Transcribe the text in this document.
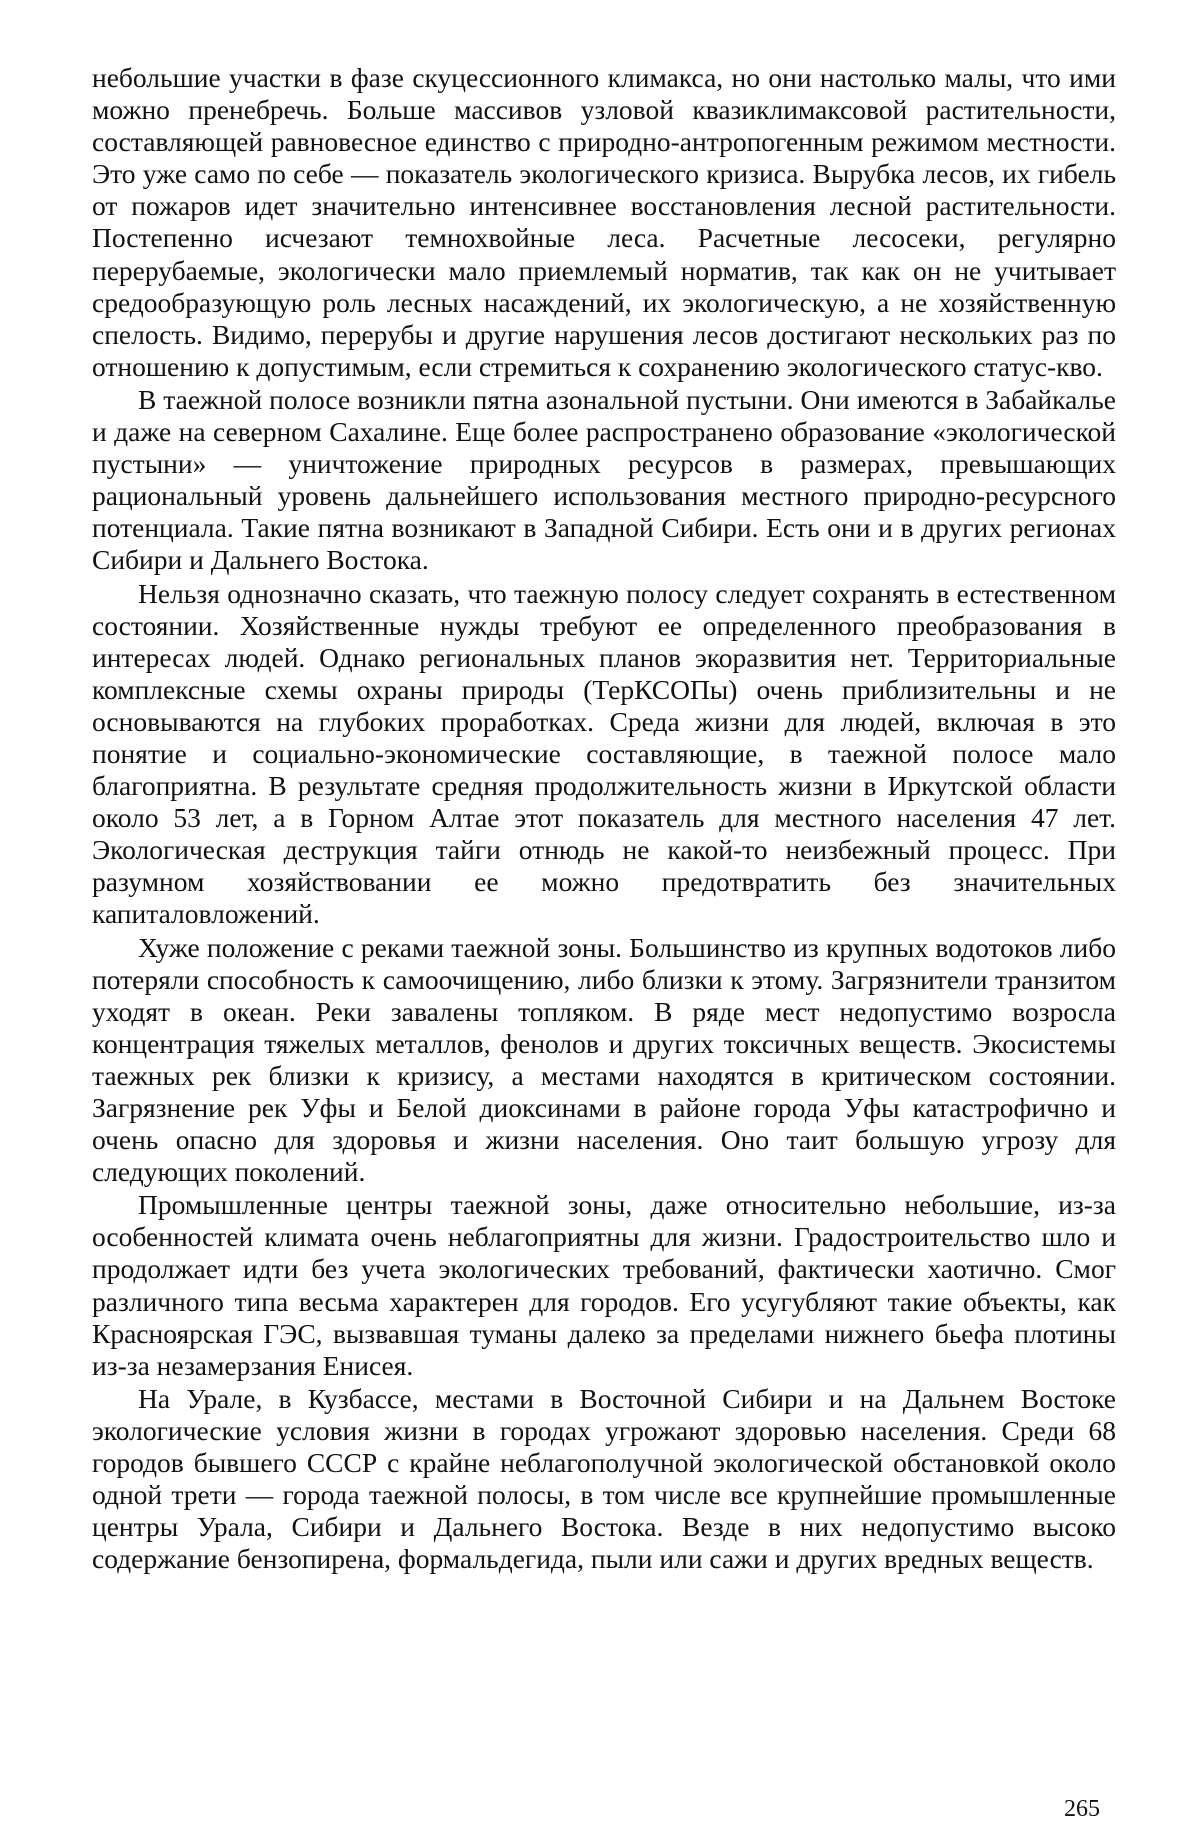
небольшие участки в фазе скуцессионного климакса, но они настолько малы, что ими можно пренебречь. Больше массивов узловой квазиклимаксовой растительности, составляющей равновесное единство с природно-антропогенным режимом местности. Это уже само по себе — показатель экологического кризиса. Вырубка лесов, их гибель от пожаров идет значительно интенсивнее восстановления лесной растительности. Постепенно исчезают темнохвойные леса. Расчетные лесосеки, регулярно перерубаемые, экологически мало приемлемый норматив, так как он не учитывает средообразующую роль лесных насаждений, их экологическую, а не хозяйственную спелость. Видимо, перерубы и другие нарушения лесов достигают нескольких раз по отношению к допустимым, если стремиться к сохранению экологического статус-кво.

В таежной полосе возникли пятна азональной пустыни. Они имеются в Забайкалье и даже на северном Сахалине. Еще более распространено образование «экологической пустыни» — уничтожение природных ресурсов в размерах, превышающих рациональный уровень дальнейшего использования местного природно-ресурсного потенциала. Такие пятна возникают в Западной Сибири. Есть они и в других регионах Сибири и Дальнего Востока.

Нельзя однозначно сказать, что таежную полосу следует сохранять в естественном состоянии. Хозяйственные нужды требуют ее определенного преобразования в интересах людей. Однако региональных планов экоразвития нет. Территориальные комплексные схемы охраны природы (ТерКСОПы) очень приблизительны и не основываются на глубоких проработках. Среда жизни для людей, включая в это понятие и социально-экономические составляющие, в таежной полосе мало благоприятна. В результате средняя продолжительность жизни в Иркутской области около 53 лет, а в Горном Алтае этот показатель для местного населения 47 лет. Экологическая деструкция тайги отнюдь не какой-то неизбежный процесс. При разумном хозяйствовании ее можно предотвратить без значительных капиталовложений.

Хуже положение с реками таежной зоны. Большинство из крупных водотоков либо потеряли способность к самоочищению, либо близки к этому. Загрязнители транзитом уходят в океан. Реки завалены топляком. В ряде мест недопустимо возросла концентрация тяжелых металлов, фенолов и других токсичных веществ. Экосистемы таежных рек близки к кризису, а местами находятся в критическом состоянии. Загрязнение рек Уфы и Белой диоксинами в районе города Уфы катастрофично и очень опасно для здоровья и жизни населения. Оно таит большую угрозу для следующих поколений.

Промышленные центры таежной зоны, даже относительно небольшие, из-за особенностей климата очень неблагоприятны для жизни. Градостроительство шло и продолжает идти без учета экологических требований, фактически хаотично. Смог различного типа весьма характерен для городов. Его усугубляют такие объекты, как Красноярская ГЭС, вызвавшая туманы далеко за пределами нижнего бьефа плотины из-за незамерзания Енисея.

На Урале, в Кузбассе, местами в Восточной Сибири и на Дальнем Востоке экологические условия жизни в городах угрожают здоровью населения. Среди 68 городов бывшего СССР с крайне неблагополучной экологической обстановкой около одной трети — города таежной полосы, в том числе все крупнейшие промышленные центры Урала, Сибири и Дальнего Востока. Везде в них недопустимо высоко содержание бензопирена, формальдегида, пыли или сажи и других вредных веществ.

265
